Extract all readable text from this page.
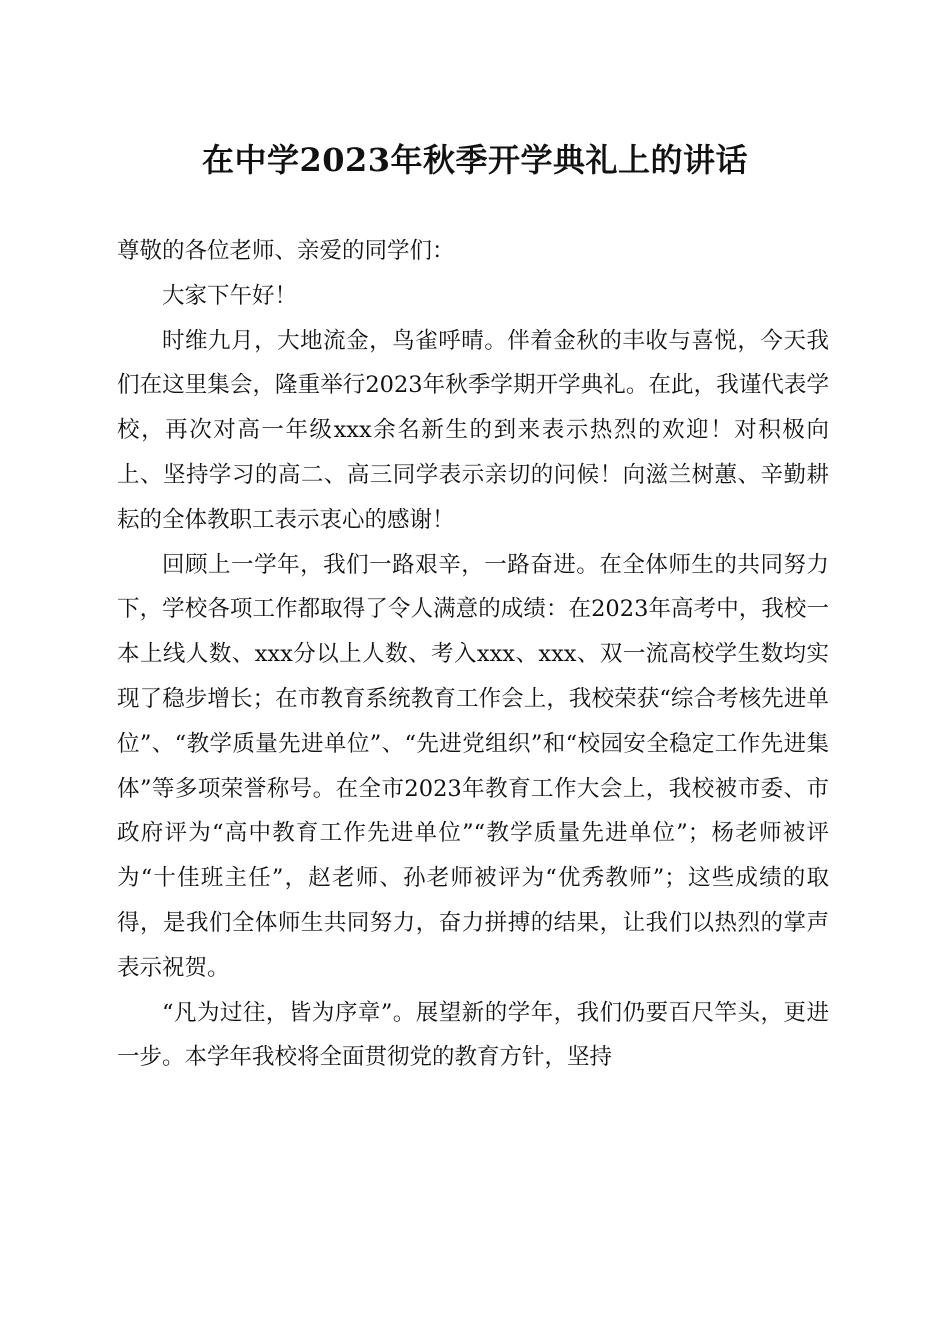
在中学2023年秋季开学典礼上的讲话

尊敬的各位老师、亲爱的同学们：

大家下午好！

时维九月，大地流金，鸟雀呼晴。伴着金秋的丰收与喜悦，今天我们在这里集会，隆重举行2023年秋季学期开学典礼。在此，我谨代表学校，再次对高一年级xxx余名新生的到来表示热烈的欢迎！对积极向上、坚持学习的高二、高三同学表示亲切的问候！向滋兰树蕙、辛勤耕耘的全体教职工表示衷心的感谢！

回顾上一学年，我们一路艰辛，一路奋进。在全体师生的共同努力下，学校各项工作都取得了令人满意的成绩：在2023年高考中，我校一本上线人数、xxx分以上人数、考入xxx、xxx、双一流高校学生数均实现了稳步增长；在市教育系统教育工作会上，我校荣获“综合考核先进单位”、“教学质量先进单位”、“先进党组织”和“校园安全稳定工作先进集体”等多项荣誉称号。在全市2023年教育工作大会上，我校被市委、市政府评为“高中教育工作先进单位”“教学质量先进单位”；杨老师被评为“十佳班主任”，赵老师、孙老师被评为“优秀教师”；这些成绩的取得，是我们全体师生共同努力，奋力拼搏的结果，让我们以热烈的掌声表示祝贺。

“凡为过往，皆为序章”。展望新的学年，我们仍要百尺竿头，更进一步。本学年我校将全面贯彻党的教育方针，坚持
